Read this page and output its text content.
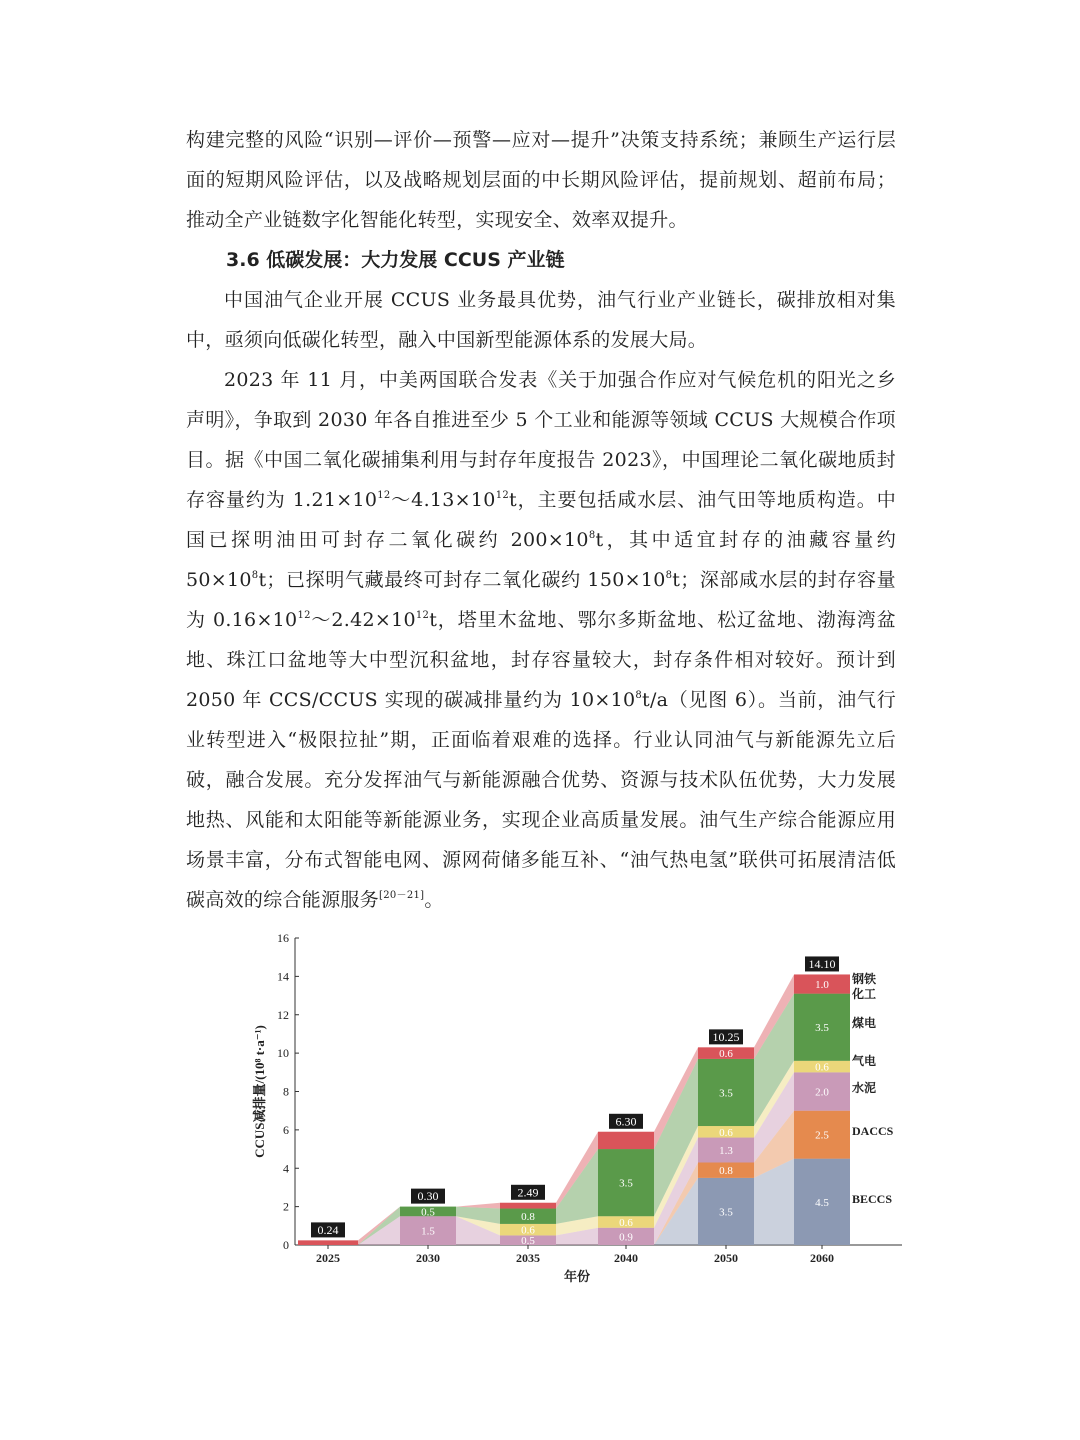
构建完整的风险“识别—评价—预警—应对—提升”决策支持系统；兼顾生产运行层面的短期风险评估，以及战略规划层面的中长期风险评估，提前规划、超前布局；推动全产业链数字化智能化转型，实现安全、效率双提升。

3.6 低碳发展：大力发展 CCUS 产业链

中国油气企业开展 CCUS 业务最具优势，油气行业产业链长，碳排放相对集中，亟须向低碳化转型，融入中国新型能源体系的发展大局。

2023 年 11 月，中美两国联合发表《关于加强合作应对气候危机的阳光之乡声明》，争取到 2030 年各自推进至少 5 个工业和能源等领域 CCUS 大规模合作项目。据《中国二氧化碳捕集利用与封存年度报告 2023》，中国理论二氧化碳地质封存容量约为 $1.21\times 10^{12}\sim 4.13\times 10^{12}t$，主要包括咸水层、油气田等地质构造。中国已探明油田可封存二氧化碳约 $200\times 10^8t$，其中适宜封存的油藏容量约 $50\times 10^8t$；已探明气藏最终可封存二氧化碳约 $150\times 10^8t$；深部咸水层的封存容量为 $0.16\times 10^{12}\sim 2.42\times 10^{12}t$，塔里木盆地、鄂尔多斯盆地、松辽盆地、渤海湾盆地、珠江口盆地等大中型沉积盆地，封存容量较大，封存条件相对较好。预计到 2050 年 CCS/CCUS 实现的碳减排量约为 $10\times 10^8t/a$（见图 6）。当前，油气行业转型进入“极限拉扯”期，正面临着艰难的选择。行业认同油气与新能源先立后破，融合发展。充分发挥油气与新能源融合优势、资源与技术队伍优势，大力发展地热、风能和太阳能等新能源业务，实现企业高质量发展。油气生产综合能源应用场景丰富，分布式智能电网、源网荷储多能互补、“油气热电氢”联供可拓展清洁低碳高效的综合能源服务[20－21]。

0
2
4
6
8
10
12
14
16
2025	2030	2035	2040	2050	2060
年份
CCUS减排量/(10⁸ t·a⁻¹)
3.5
4.5
0.8
2.5
1.5
0.5	0.9
1.3
2.0
0.6
0.6
0.6
0.6
0.5	0.8
3.5
3.5
3.5
0.6
1.0
0.24
0.30	2.49
6.30
10.25
14.10
BECCS
DACCS
水泥
气电
煤电
钢铁
化工
